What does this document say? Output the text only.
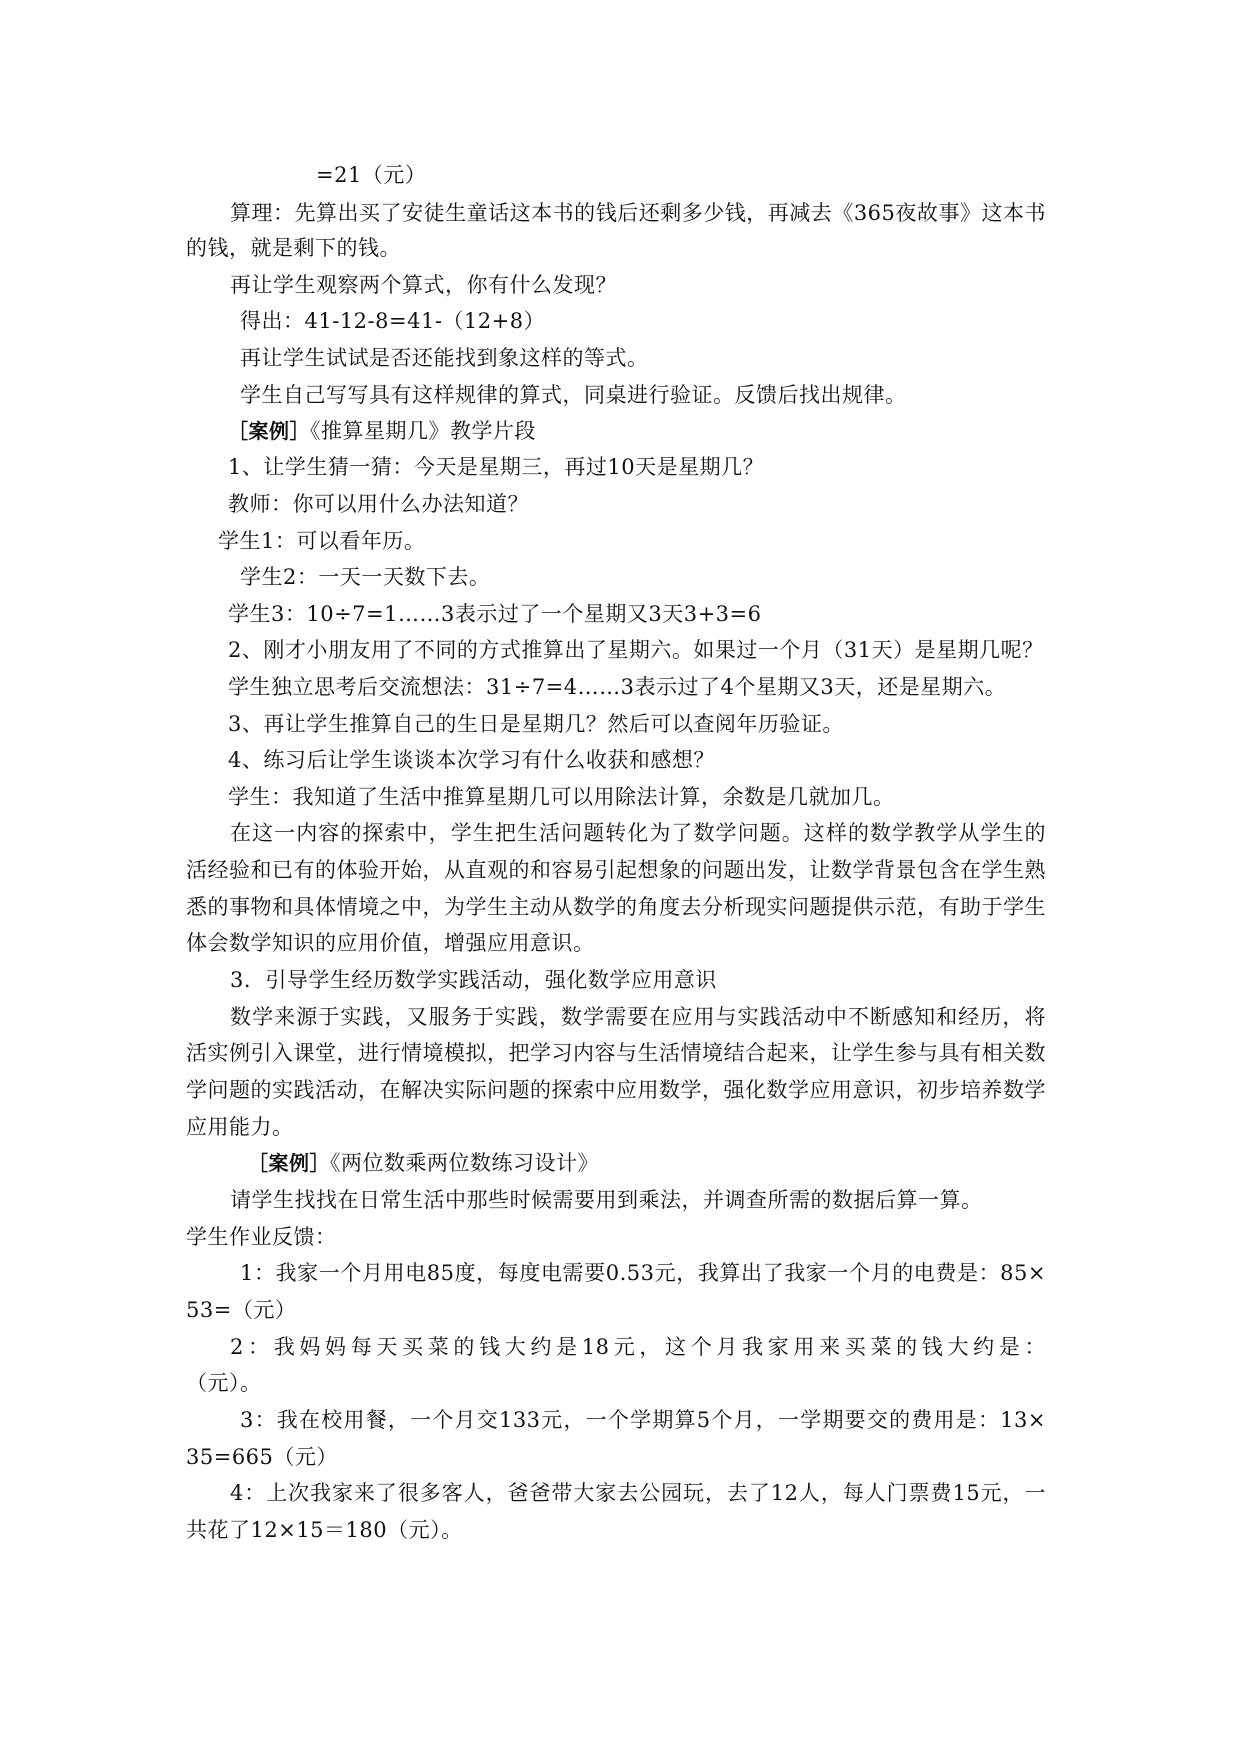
=21（元）

算理：先算出买了安徒生童话这本书的钱后还剩多少钱，再减去《365夜故事》这本书

的钱，就是剩下的钱。

再让学生观察两个算式，你有什么发现？

得出：41-12-8=41-（12+8）

再让学生试试是否还能找到象这样的等式。

学生自己写写具有这样规律的算式，同桌进行验证。反馈后找出规律。

［案例］《推算星期几》教学片段

1、让学生猜一猜：今天是星期三，再过10天是星期几？

教师：你可以用什么办法知道？

学生1：可以看年历。

学生2：一天一天数下去。

学生3：10÷7=1……3表示过了一个星期又3天3+3=6

2、刚才小朋友用了不同的方式推算出了星期六。如果过一个月（31天）是星期几呢？

学生独立思考后交流想法：31÷7=4……3表示过了4个星期又3天，还是星期六。

3、再让学生推算自己的生日是星期几？然后可以查阅年历验证。

4、练习后让学生谈谈本次学习有什么收获和感想？

学生：我知道了生活中推算星期几可以用除法计算，余数是几就加几。

在这一内容的探索中，学生把生活问题转化为了数学问题。这样的数学教学从学生的

活经验和已有的体验开始，从直观的和容易引起想象的问题出发，让数学背景包含在学生熟

悉的事物和具体情境之中，为学生主动从数学的角度去分析现实问题提供示范，有助于学生

体会数学知识的应用价值，增强应用意识。

3．引导学生经历数学实践活动，强化数学应用意识

数学来源于实践，又服务于实践，数学需要在应用与实践活动中不断感知和经历，将

活实例引入课堂，进行情境模拟，把学习内容与生活情境结合起来，让学生参与具有相关数

学问题的实践活动，在解决实际问题的探索中应用数学，强化数学应用意识，初步培养数学

应用能力。

［案例］《两位数乘两位数练习设计》

请学生找找在日常生活中那些时候需要用到乘法，并调查所需的数据后算一算。

学生作业反馈：

1：我家一个月用电85度，每度电需要0.53元，我算出了我家一个月的电费是：85×

53=（元）

2：我妈妈每天买菜的钱大约是18元，这个月我家用来买菜的钱大约是：

（元）。

3：我在校用餐，一个月交133元，一个学期算5个月，一学期要交的费用是：13×

35=665（元）

4：上次我家来了很多客人，爸爸带大家去公园玩，去了12人，每人门票费15元，一

共花了12×15＝180（元）。
